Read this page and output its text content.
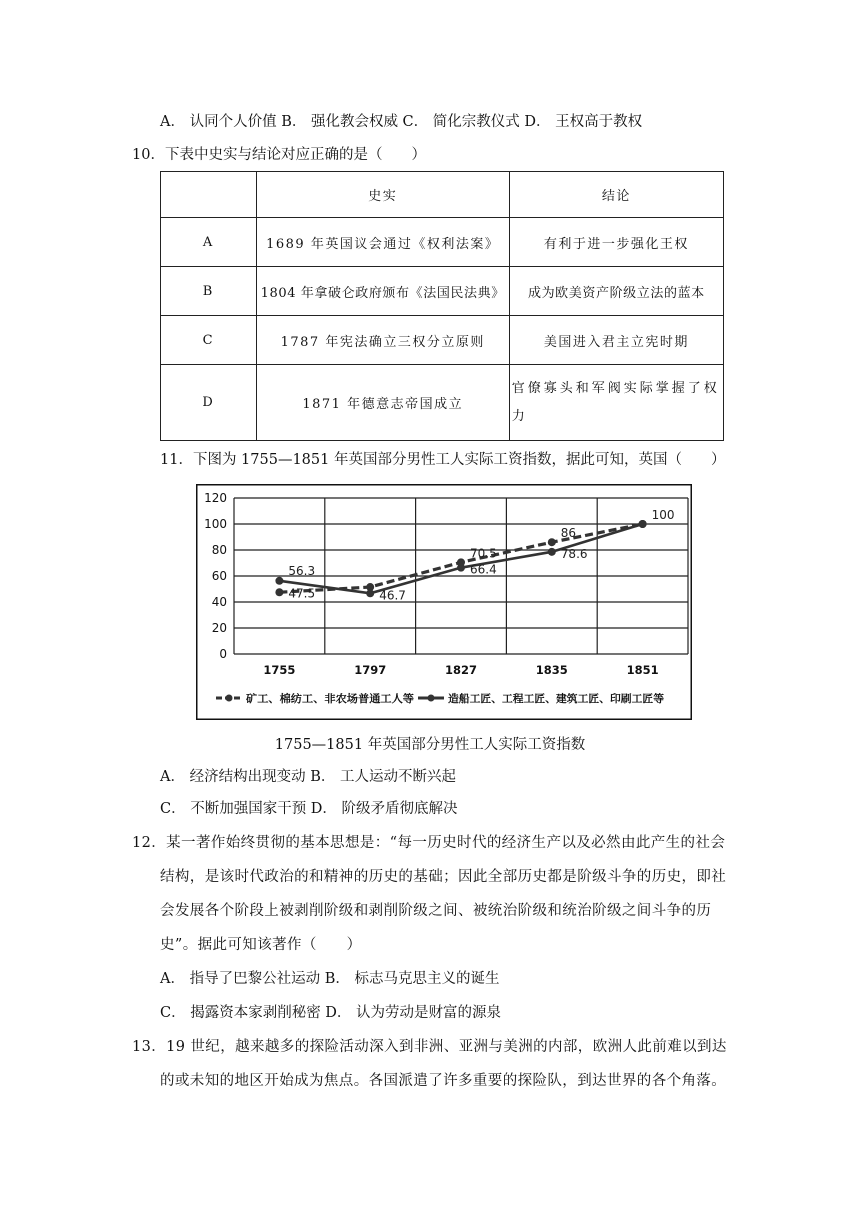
A． 认同个人价值 B． 强化教会权威 C． 简化宗教仪式 D． 王权高于教权
10．下表中史实与结论对应正确的是（　　）
	史实	结论
A	1689 年英国议会通过《权利法案》	有利于进一步强化王权
B	1804 年拿破仑政府颁布《法国民法典》	成为欧美资产阶级立法的蓝本
C	1787 年宪法确立三权分立原则	美国进入君主立宪时期
D	1871 年德意志帝国成立	官僚寡头和军阀实际掌握了权力
11．下图为 1755—1851 年英国部分男性工人实际工资指数，据此可知，英国（　　）
0
20
40
60
80
100
120
1755	1797	1827	1835	1851
47.5
70.5
86
100
56.3
46.7
66.4
78.6
矿工、棉纺工、非农场普通工人等	造船工匠、工程工匠、建筑工匠、印刷工匠等
1755—1851 年英国部分男性工人实际工资指数
A． 经济结构出现变动 B． 工人运动不断兴起
C． 不断加强国家干预 D． 阶级矛盾彻底解决
12．某一著作始终贯彻的基本思想是：“每一历史时代的经济生产以及必然由此产生的社会
结构，是该时代政治的和精神的历史的基础；因此全部历史都是阶级斗争的历史，即社
会发展各个阶段上被剥削阶级和剥削阶级之间、被统治阶级和统治阶级之间斗争的历
史”。据此可知该著作（　　）
A． 指导了巴黎公社运动 B． 标志马克思主义的诞生
C． 揭露资本家剥削秘密 D． 认为劳动是财富的源泉
13．19 世纪，越来越多的探险活动深入到非洲、亚洲与美洲的内部，欧洲人此前难以到达
的或未知的地区开始成为焦点。各国派遣了许多重要的探险队，到达世界的各个角落。
